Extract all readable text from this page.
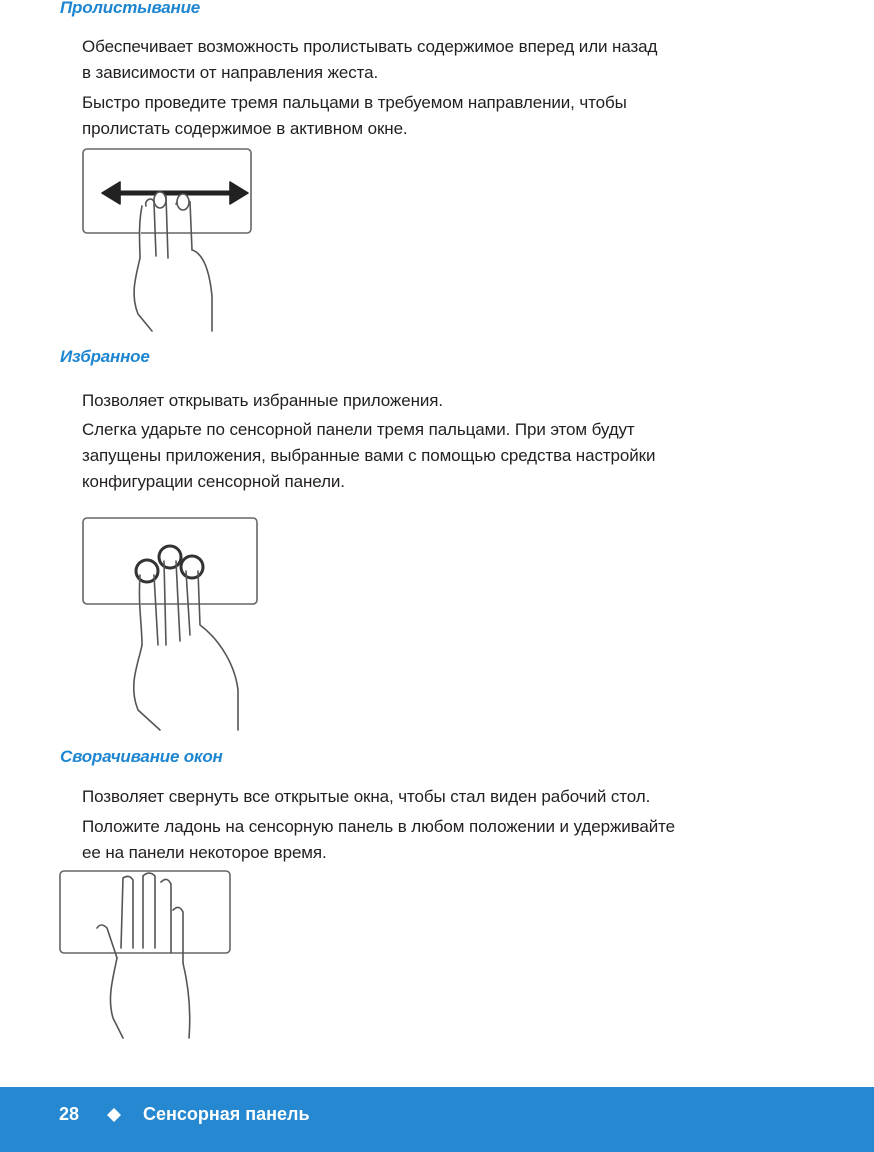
Пролистывание

Обеспечивает возможность пролистывать содержимое вперед или назад
в зависимости от направления жеста.

Быстро проведите тремя пальцами в требуемом направлении, чтобы
пролистать содержимое в активном окне.

Избранное

Позволяет открывать избранные приложения.

Слегка ударьте по сенсорной панели тремя пальцами. При этом будут
запущены приложения, выбранные вами с помощью средства настройки
конфигурации сенсорной панели.

Сворачивание окон

Позволяет свернуть все открытые окна, чтобы стал виден рабочий стол.

Положите ладонь на сенсорную панель в любом положении и удерживайте
ее на панели некоторое время.

28	Сенсорная панель
